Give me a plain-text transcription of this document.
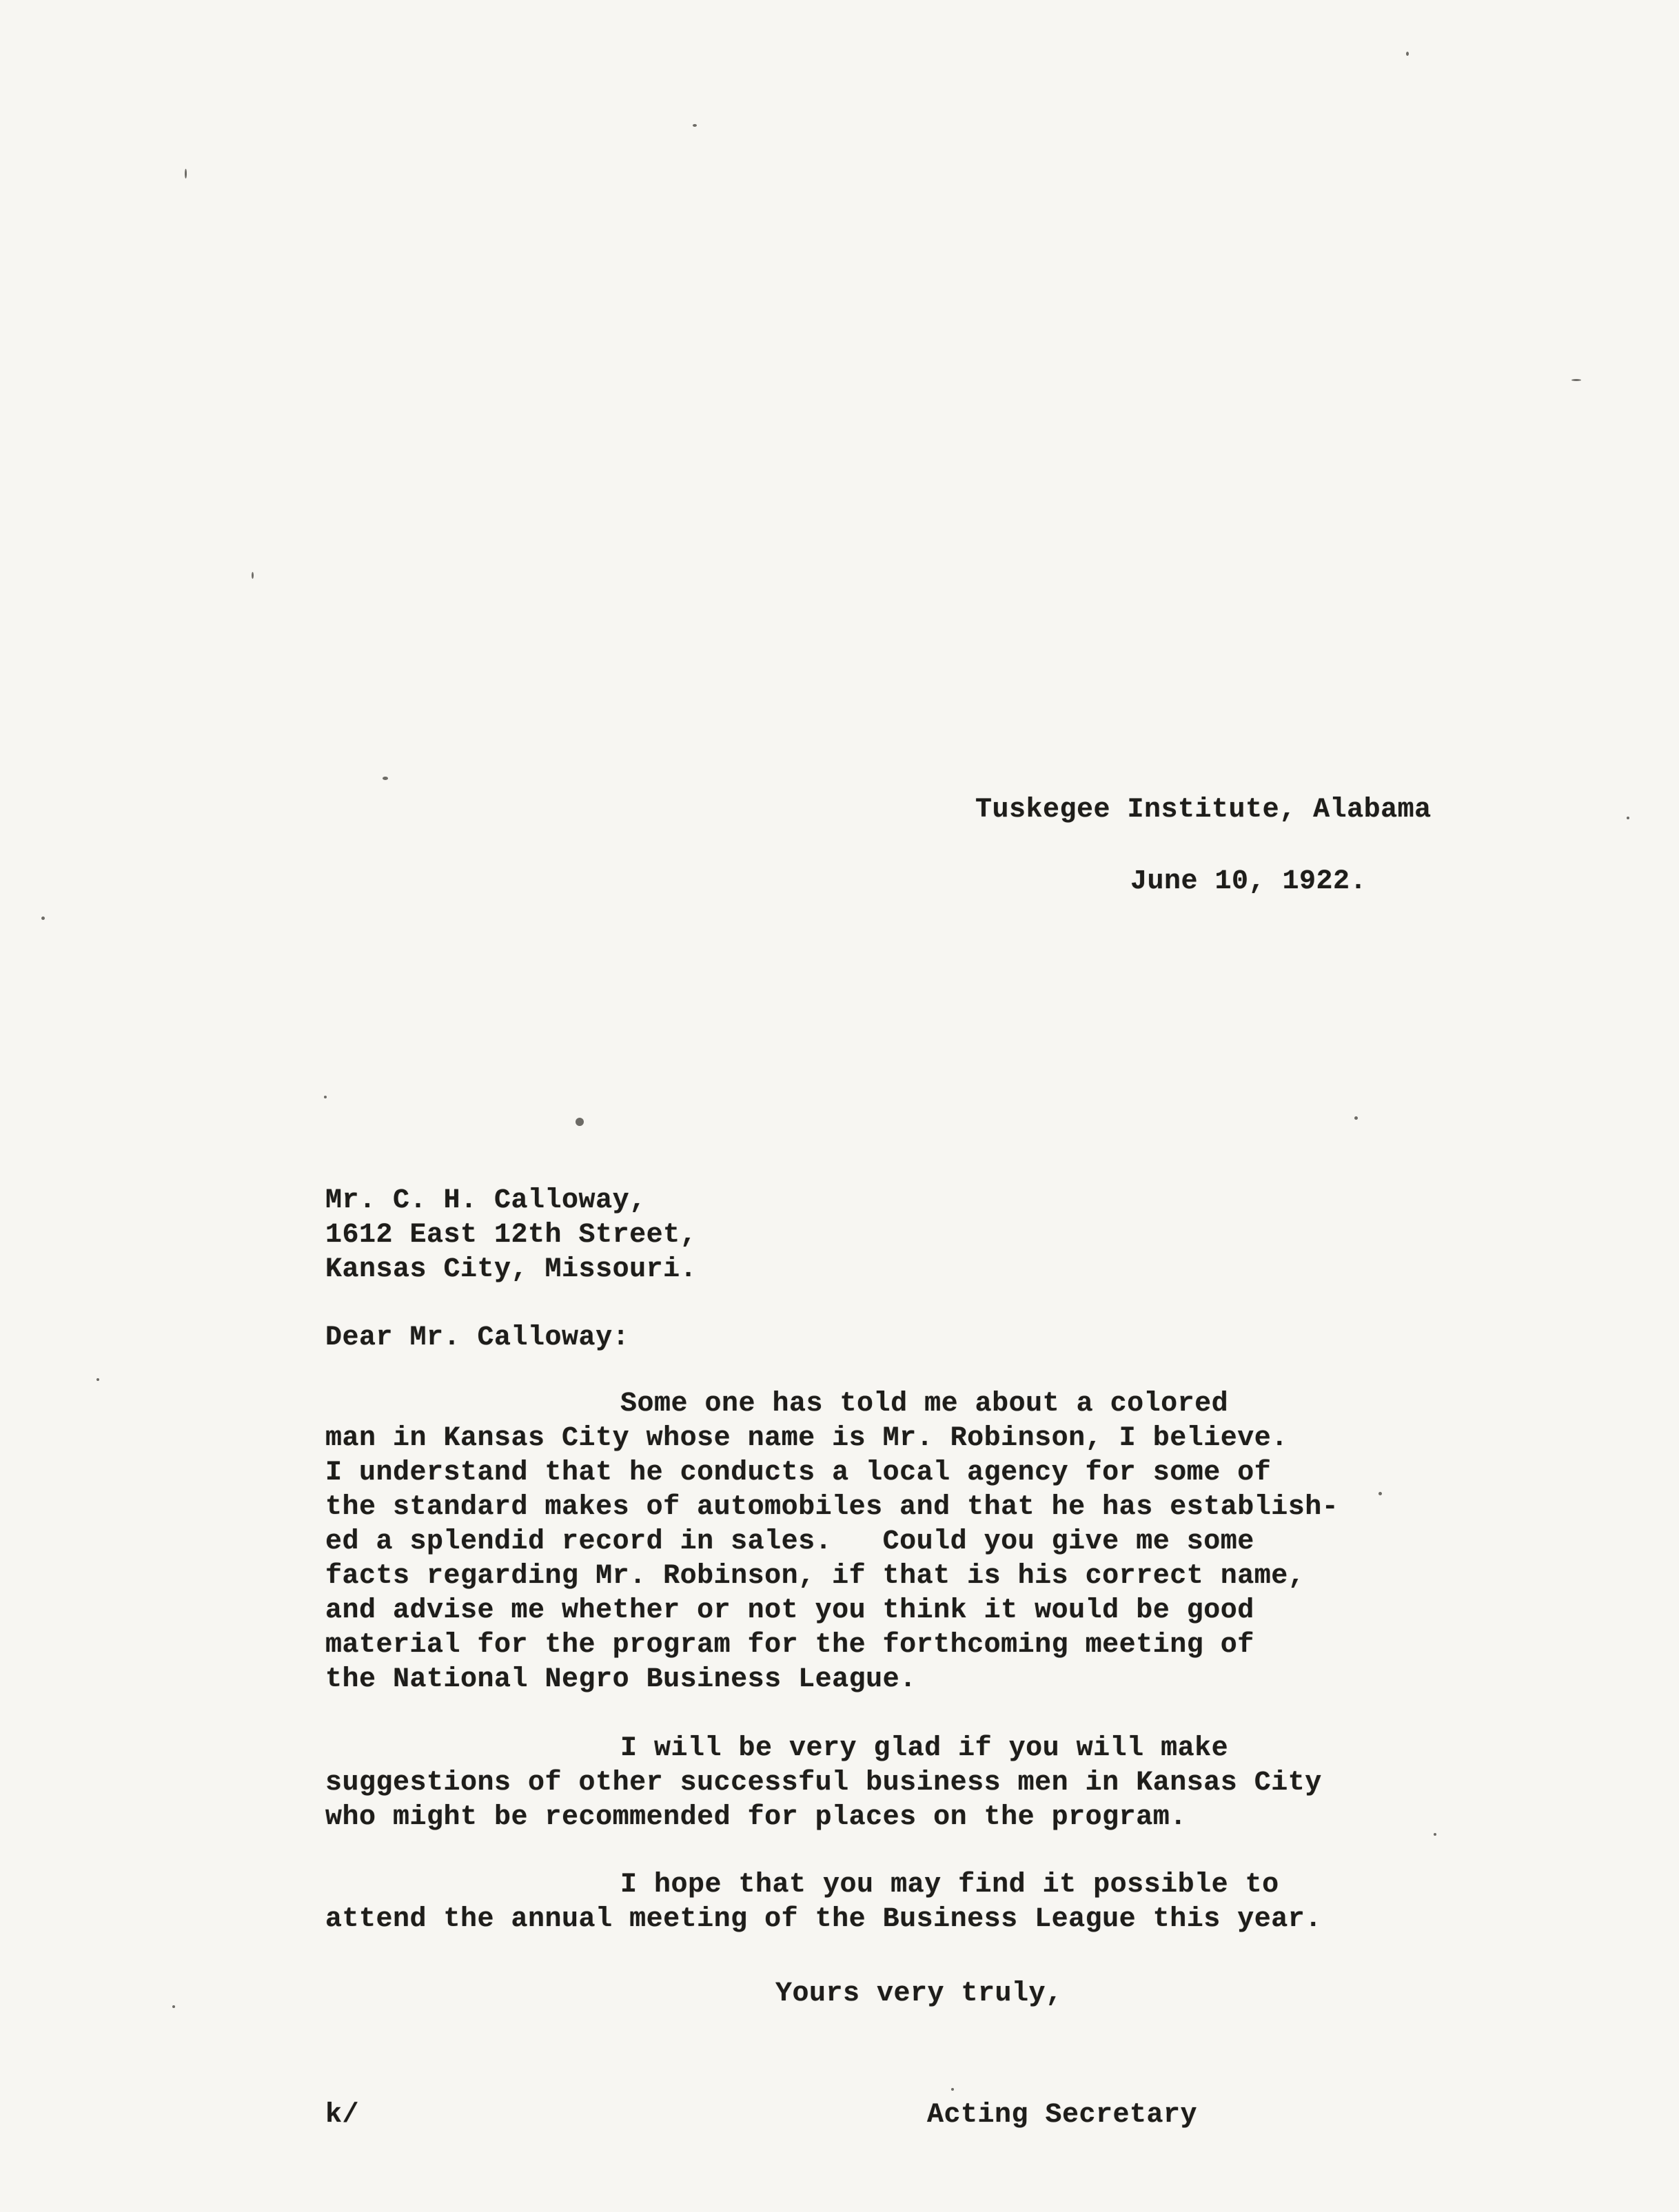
Tuskegee Institute, Alabama
June 10, 1922.
Mr. C. H. Calloway,
1612 East 12th Street,
Kansas City, Missouri.
Dear Mr. Calloway:
Some one has told me about a colored
man in Kansas City whose name is Mr. Robinson, I believe.
I understand that he conducts a local agency for some of
the standard makes of automobiles and that he has establish-
ed a splendid record in sales.   Could you give me some
facts regarding Mr. Robinson, if that is his correct name,
and advise me whether or not you think it would be good
material for the program for the forthcoming meeting of
the National Negro Business League.
I will be very glad if you will make
suggestions of other successful business men in Kansas City
who might be recommended for places on the program.
I hope that you may find it possible to
attend the annual meeting of the Business League this year.
Yours very truly,
k/	Acting Secretary
